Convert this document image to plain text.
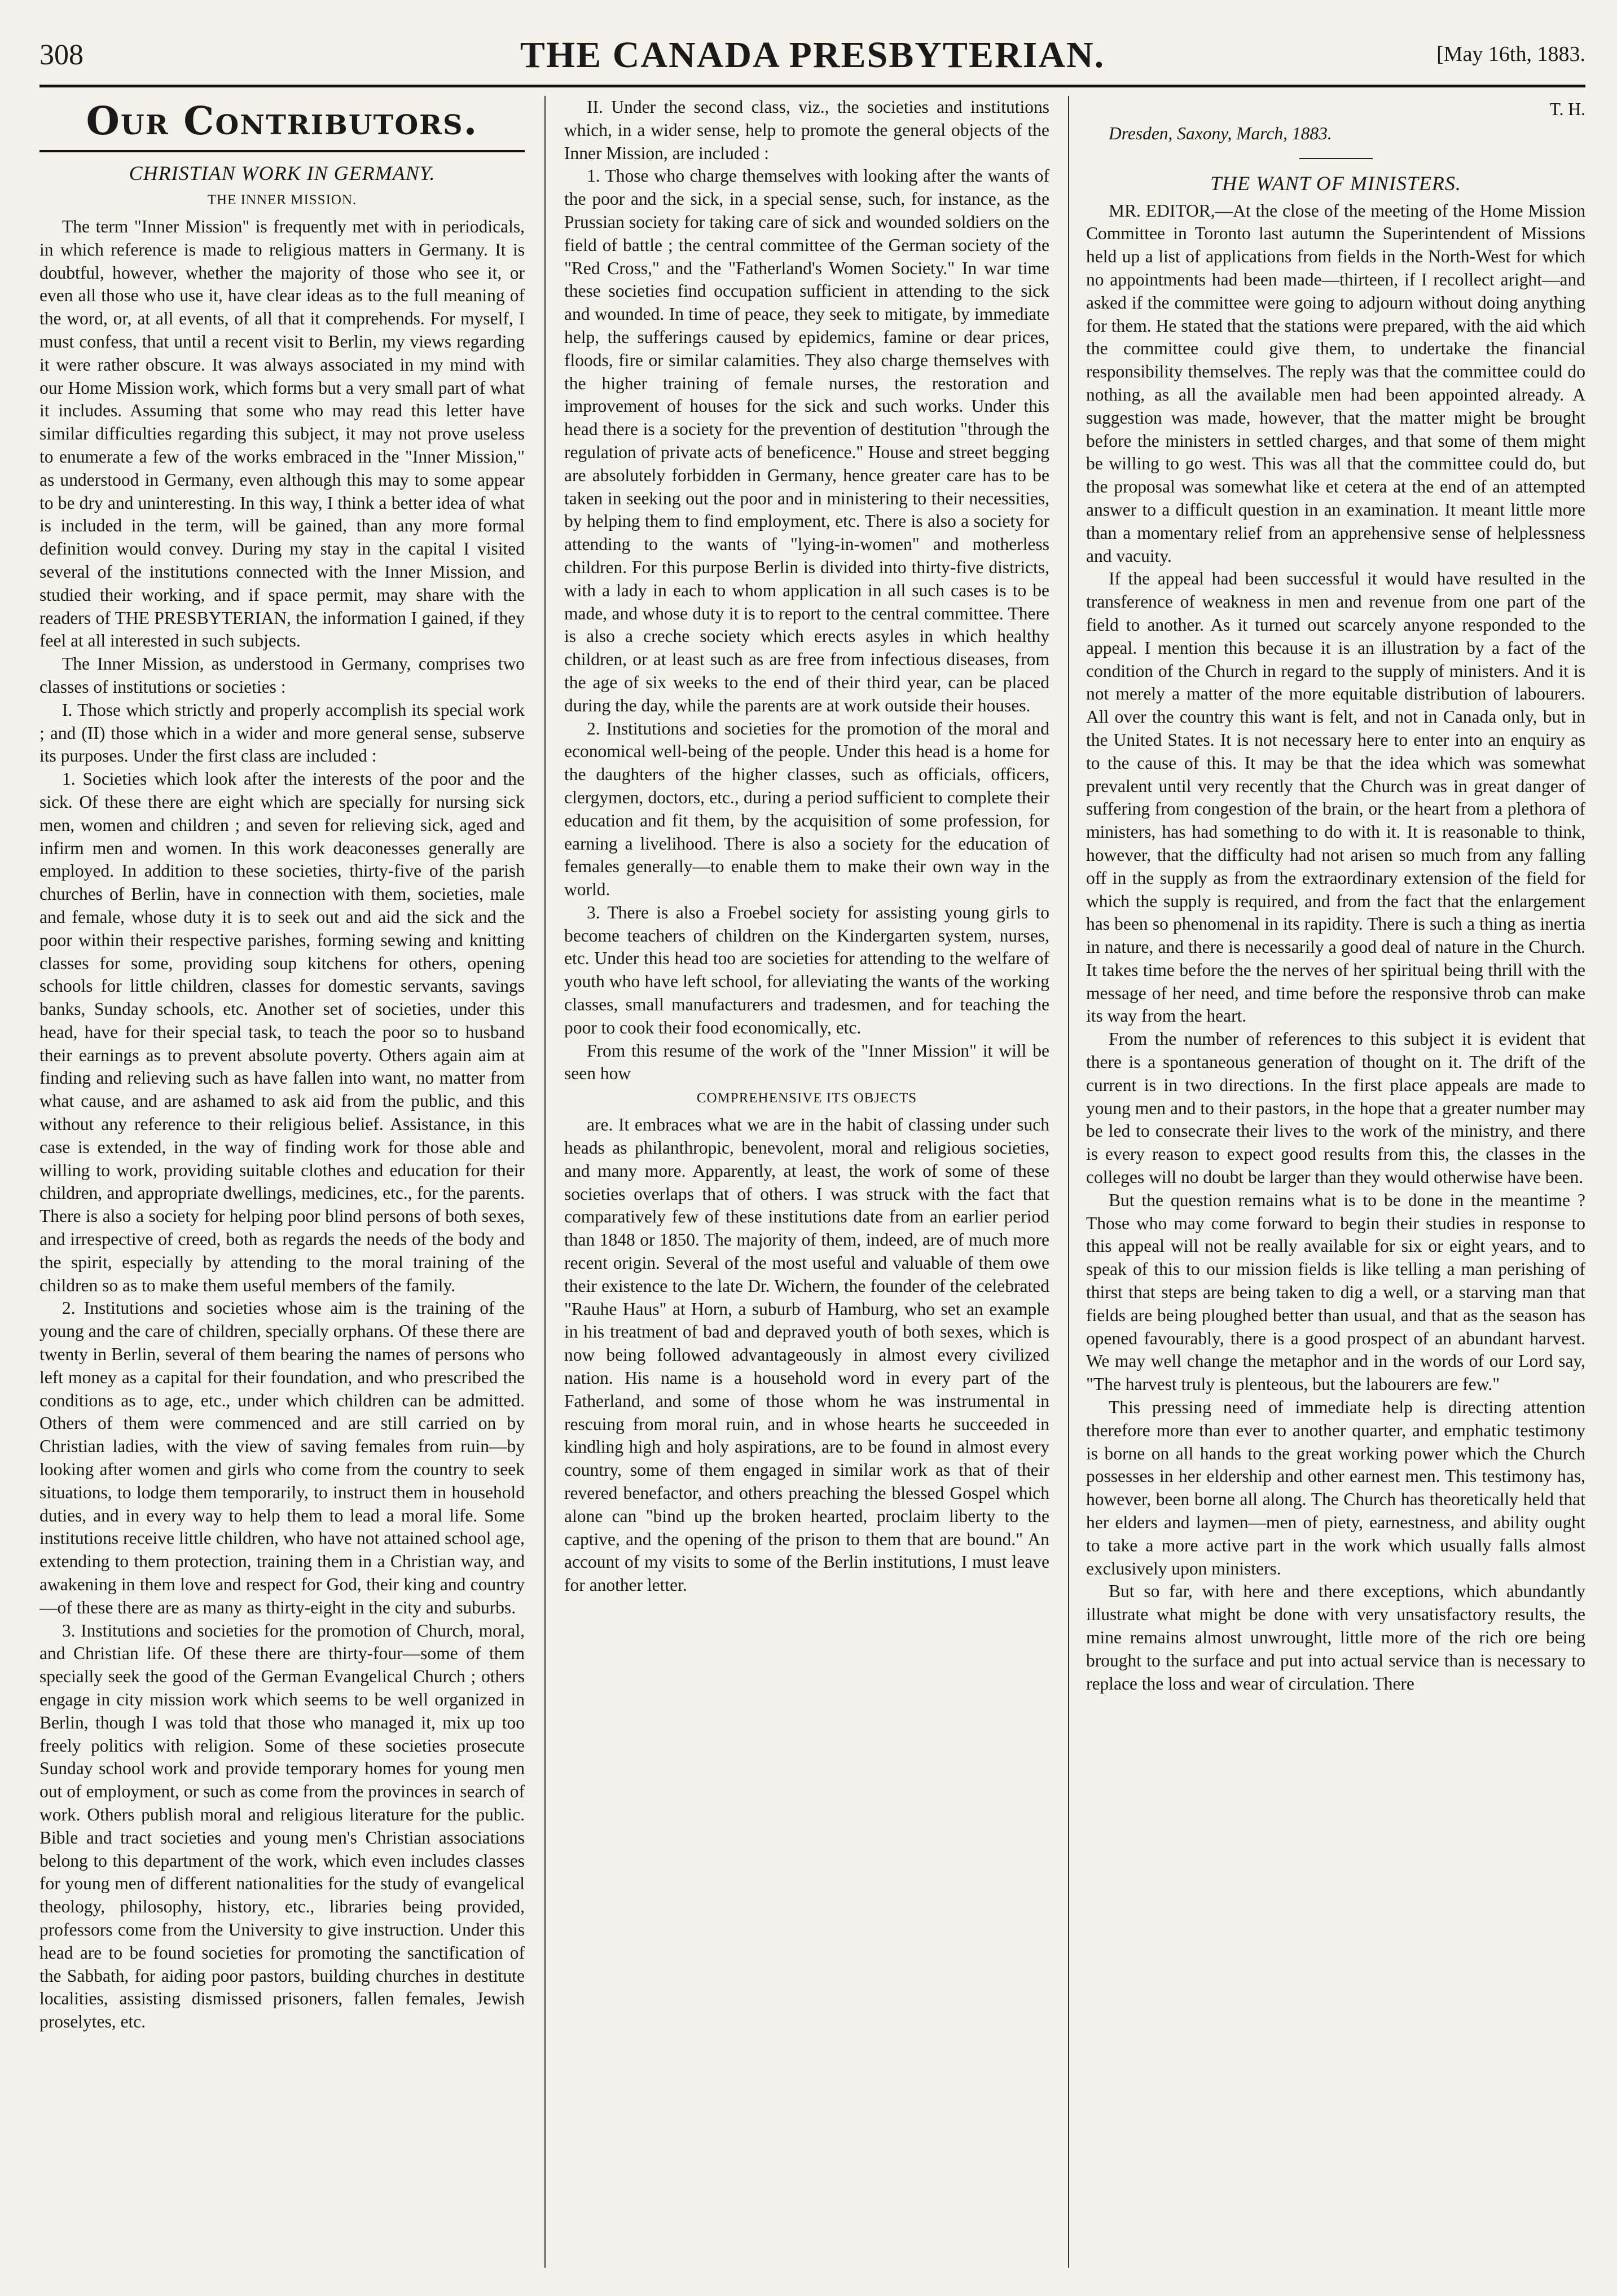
308	THE CANADA PRESBYTERIAN.	[May 16th, 1883.
Our Contributors.
CHRISTIAN WORK IN GERMANY.
THE INNER MISSION.

The term "Inner Mission" is frequently met with in periodicals, in which reference is made to religious matters in Germany. It is doubtful, however, whether the majority of those who see it, or even all those who use it, have clear ideas as to the full meaning of the word, or, at all events, of all that it comprehends. For myself, I must confess, that until a recent visit to Berlin, my views regarding it were rather obscure. It was always associated in my mind with our Home Mission work, which forms but a very small part of what it includes. Assuming that some who may read this letter have similar difficulties regarding this subject, it may not prove useless to enumerate a few of the works embraced in the "Inner Mission," as understood in Germany, even although this may to some appear to be dry and uninteresting. In this way, I think a better idea of what is included in the term, will be gained, than any more formal definition would convey. During my stay in the capital I visited several of the institutions connected with the Inner Mission, and studied their working, and if space permit, may share with the readers of THE PRESBYTERIAN, the information I gained, if they feel at all interested in such subjects.

The Inner Mission, as understood in Germany, comprises two classes of institutions or societies :

I. Those which strictly and properly accomplish its special work ; and (II) those which in a wider and more general sense, subserve its purposes. Under the first class are included :

1. Societies which look after the interests of the poor and the sick. Of these there are eight which are specially for nursing sick men, women and children ; and seven for relieving sick, aged and infirm men and women. In this work deaconesses generally are employed. In addition to these societies, thirty-five of the parish churches of Berlin, have in connection with them, societies, male and female, whose duty it is to seek out and aid the sick and the poor within their respective parishes, forming sewing and knitting classes for some, providing soup kitchens for others, opening schools for little children, classes for domestic servants, savings banks, Sunday schools, etc. Another set of societies, under this head, have for their special task, to teach the poor so to husband their earnings as to prevent absolute poverty. Others again aim at finding and relieving such as have fallen into want, no matter from what cause, and are ashamed to ask aid from the public, and this without any reference to their religious belief. Assistance, in this case is extended, in the way of finding work for those able and willing to work, providing suitable clothes and education for their children, and appropriate dwellings, medicines, etc., for the parents. There is also a society for helping poor blind persons of both sexes, and irrespective of creed, both as regards the needs of the body and the spirit, especially by attending to the moral training of the children so as to make them useful members of the family.

2. Institutions and societies whose aim is the training of the young and the care of children, specially orphans. Of these there are twenty in Berlin, several of them bearing the names of persons who left money as a capital for their foundation, and who prescribed the conditions as to age, etc., under which children can be admitted. Others of them were commenced and are still carried on by Christian ladies, with the view of saving females from ruin—by looking after women and girls who come from the country to seek situations, to lodge them temporarily, to instruct them in household duties, and in every way to help them to lead a moral life. Some institutions receive little children, who have not attained school age, extending to them protection, training them in a Christian way, and awakening in them love and respect for God, their king and country—of these there are as many as thirty-eight in the city and suburbs.

3. Institutions and societies for the promotion of Church, moral, and Christian life. Of these there are thirty-four—some of them specially seek the good of the German Evangelical Church ; others engage in city mission work which seems to be well organized in Berlin, though I was told that those who managed it, mix up too freely politics with religion. Some of these societies prosecute Sunday school work and provide temporary homes for young men out of employment, or such as come from the provinces in search of work. Others publish moral and religious literature for the public. Bible and tract societies and young men's Christian associations belong to this department of the work, which even includes classes for young men of different nationalities for the study of evangelical theology, philosophy, history, etc., libraries being provided, professors come from the University to give instruction. Under this head are to be found societies for promoting the sanctification of the Sabbath, for aiding poor pastors, building churches in destitute localities, assisting dismissed prisoners, fallen females, Jewish proselytes, etc.

II. Under the second class, viz., the societies and institutions which, in a wider sense, help to promote the general objects of the Inner Mission, are included :

1. Those who charge themselves with looking after the wants of the poor and the sick, in a special sense, such, for instance, as the Prussian society for taking care of sick and wounded soldiers on the field of battle ; the central committee of the German society of the "Red Cross," and the "Fatherland's Women Society." In war time these societies find occupation sufficient in attending to the sick and wounded. In time of peace, they seek to mitigate, by immediate help, the sufferings caused by epidemics, famine or dear prices, floods, fire or similar calamities. They also charge themselves with the higher training of female nurses, the restoration and improvement of houses for the sick and such works. Under this head there is a society for the prevention of destitution "through the regulation of private acts of beneficence." House and street begging are absolutely forbidden in Germany, hence greater care has to be taken in seeking out the poor and in ministering to their necessities, by helping them to find employment, etc. There is also a society for attending to the wants of "lying-in-women" and motherless children. For this purpose Berlin is divided into thirty-five districts, with a lady in each to whom application in all such cases is to be made, and whose duty it is to report to the central committee. There is also a creche society which erects asyles in which healthy children, or at least such as are free from infectious diseases, from the age of six weeks to the end of their third year, can be placed during the day, while the parents are at work outside their houses.

2. Institutions and societies for the promotion of the moral and economical well-being of the people. Under this head is a home for the daughters of the higher classes, such as officials, officers, clergymen, doctors, etc., during a period sufficient to complete their education and fit them, by the acquisition of some profession, for earning a livelihood. There is also a society for the education of females generally—to enable them to make their own way in the world.

3. There is also a Froebel society for assisting young girls to become teachers of children on the Kindergarten system, nurses, etc. Under this head too are societies for attending to the welfare of youth who have left school, for alleviating the wants of the working classes, small manufacturers and tradesmen, and for teaching the poor to cook their food economically, etc.

From this resume of the work of the "Inner Mission" it will be seen how

COMPREHENSIVE ITS OBJECTS

are. It embraces what we are in the habit of classing under such heads as philanthropic, benevolent, moral and religious societies, and many more. Apparently, at least, the work of some of these societies overlaps that of others. I was struck with the fact that comparatively few of these institutions date from an earlier period than 1848 or 1850. The majority of them, indeed, are of much more recent origin. Several of the most useful and valuable of them owe their existence to the late Dr. Wichern, the founder of the celebrated "Rauhe Haus" at Horn, a suburb of Hamburg, who set an example in his treatment of bad and depraved youth of both sexes, which is now being followed advantageously in almost every civilized nation. His name is a household word in every part of the Fatherland, and some of those whom he was instrumental in rescuing from moral ruin, and in whose hearts he succeeded in kindling high and holy aspirations, are to be found in almost every country, some of them engaged in similar work as that of their revered benefactor, and others preaching the blessed Gospel which alone can "bind up the broken hearted, proclaim liberty to the captive, and the opening of the prison to them that are bound." An account of my visits to some of the Berlin institutions, I must leave for another letter.

T. H.

Dresden, Saxony, March, 1883.

THE WANT OF MINISTERS.

MR. EDITOR,—At the close of the meeting of the Home Mission Committee in Toronto last autumn the Superintendent of Missions held up a list of applications from fields in the North-West for which no appointments had been made—thirteen, if I recollect aright—and asked if the committee were going to adjourn without doing anything for them. He stated that the stations were prepared, with the aid which the committee could give them, to undertake the financial responsibility themselves. The reply was that the committee could do nothing, as all the available men had been appointed already. A suggestion was made, however, that the matter might be brought before the ministers in settled charges, and that some of them might be willing to go west. This was all that the committee could do, but the proposal was somewhat like et cetera at the end of an attempted answer to a difficult question in an examination. It meant little more than a momentary relief from an apprehensive sense of helplessness and vacuity.

If the appeal had been successful it would have resulted in the transference of weakness in men and revenue from one part of the field to another. As it turned out scarcely anyone responded to the appeal. I mention this because it is an illustration by a fact of the condition of the Church in regard to the supply of ministers. And it is not merely a matter of the more equitable distribution of labourers. All over the country this want is felt, and not in Canada only, but in the United States. It is not necessary here to enter into an enquiry as to the cause of this. It may be that the idea which was somewhat prevalent until very recently that the Church was in great danger of suffering from congestion of the brain, or the heart from a plethora of ministers, has had something to do with it. It is reasonable to think, however, that the difficulty had not arisen so much from any falling off in the supply as from the extraordinary extension of the field for which the supply is required, and from the fact that the enlargement has been so phenomenal in its rapidity. There is such a thing as inertia in nature, and there is necessarily a good deal of nature in the Church. It takes time before the the nerves of her spiritual being thrill with the message of her need, and time before the responsive throb can make its way from the heart.

From the number of references to this subject it is evident that there is a spontaneous generation of thought on it. The drift of the current is in two directions. In the first place appeals are made to young men and to their pastors, in the hope that a greater number may be led to consecrate their lives to the work of the ministry, and there is every reason to expect good results from this, the classes in the colleges will no doubt be larger than they would otherwise have been.

But the question remains what is to be done in the meantime ? Those who may come forward to begin their studies in response to this appeal will not be really available for six or eight years, and to speak of this to our mission fields is like telling a man perishing of thirst that steps are being taken to dig a well, or a starving man that fields are being ploughed better than usual, and that as the season has opened favourably, there is a good prospect of an abundant harvest. We may well change the metaphor and in the words of our Lord say, "The harvest truly is plenteous, but the labourers are few."

This pressing need of immediate help is directing attention therefore more than ever to another quarter, and emphatic testimony is borne on all hands to the great working power which the Church possesses in her eldership and other earnest men. This testimony has, however, been borne all along. The Church has theoretically held that her elders and laymen—men of piety, earnestness, and ability ought to take a more active part in the work which usually falls almost exclusively upon ministers.

But so far, with here and there exceptions, which abundantly illustrate what might be done with very unsatisfactory results, the mine remains almost unwrought, little more of the rich ore being brought to the surface and put into actual service than is necessary to replace the loss and wear of circulation. There
